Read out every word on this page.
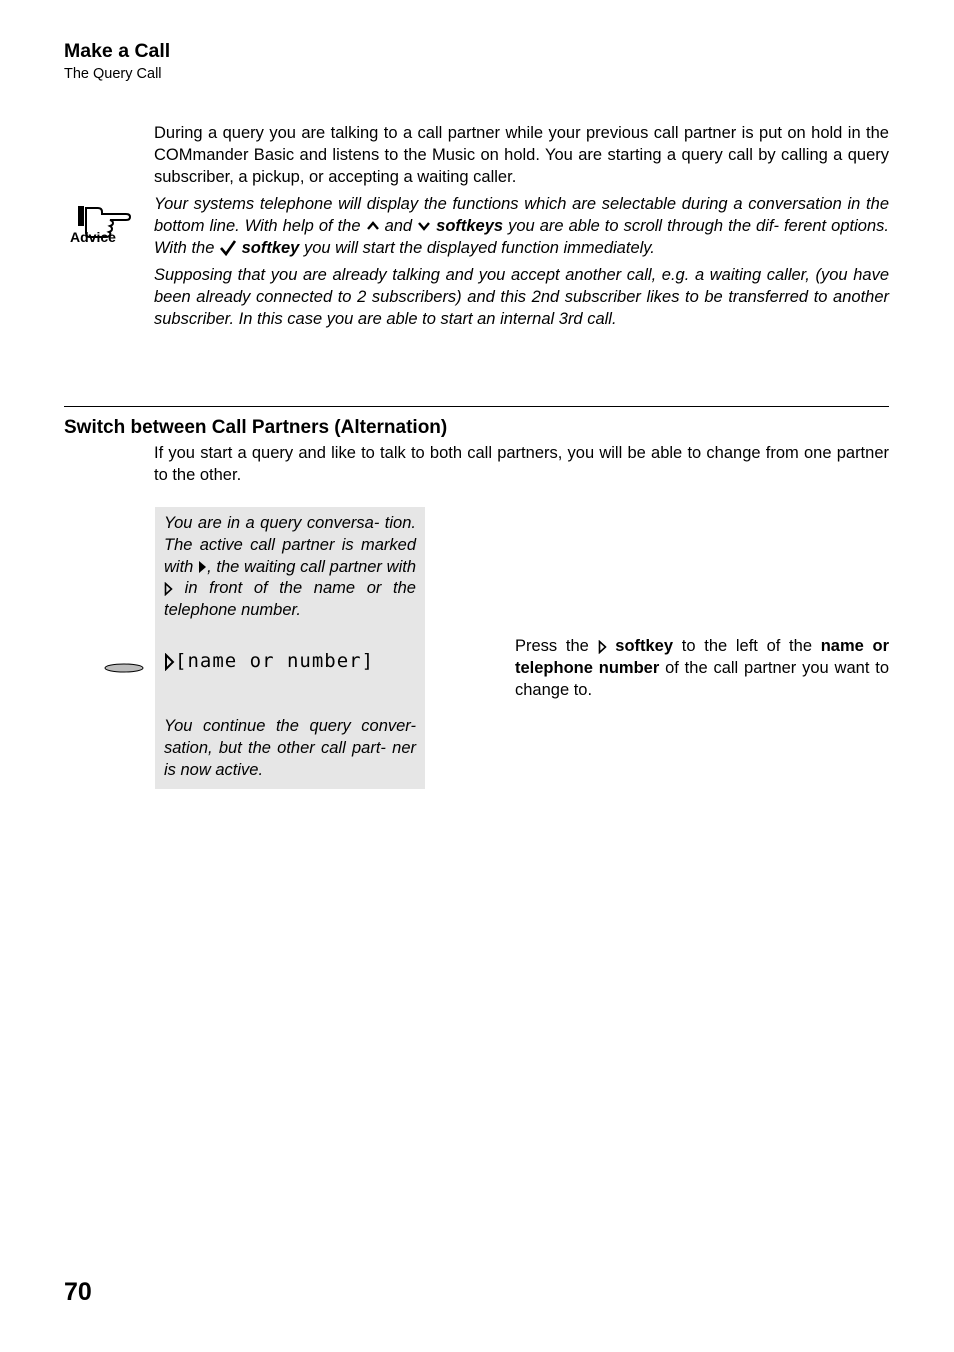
Make a Call
The Query Call
During a query you are talking to a call partner while your previous call partner is put on hold in the COMmander Basic and listens to the Music on hold. You are starting a query call by calling a query subscriber, a pickup, or accepting a waiting caller.
Advice

Your systems telephone will display the functions which are selectable during a conversation in the bottom line. With help of the and softkeys you are able to scroll through the dif- ferent options. With the softkey you will start the displayed function immediately.

Supposing that you are already talking and you accept another call, e.g. a waiting caller, (you have been already connected to 2 subscribers) and this 2nd subscriber likes to be transferred to another subscriber. In this case you are able to start an internal 3rd call.

Switch between Call Partners (Alternation)
If you start a query and like to talk to both call partners, you will be able to change from one partner to the other.
You are in a query conversa- tion. The active call partner is marked with , the waiting call partner with  in front of the name or the telephone number.
[name or number]
You continue the query conver- sation, but the other call part- ner is now active.
Press the softkey to the left of the name or telephone number of the call partner you want to change to.
70
